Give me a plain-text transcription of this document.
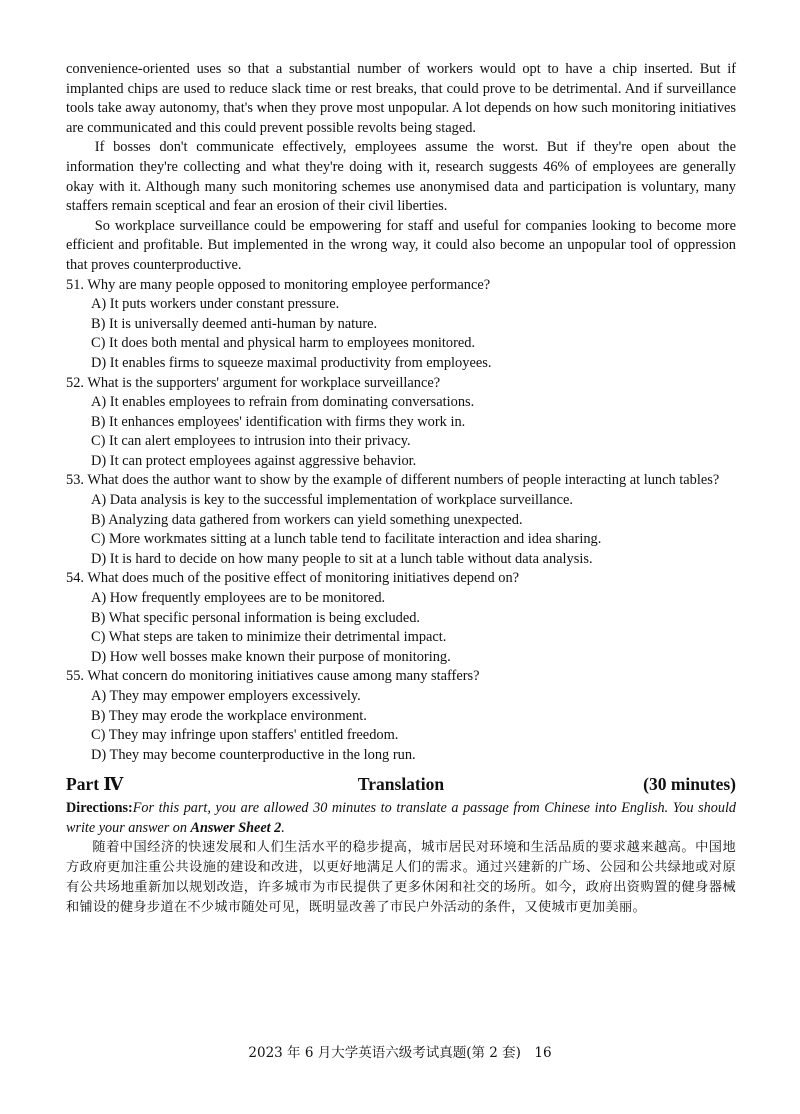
convenience-oriented uses so that a substantial number of workers would opt to have a chip inserted. But if implanted chips are used to reduce slack time or rest breaks, that could prove to be detrimental. And if surveillance tools take away autonomy, that's when they prove most unpopular. A lot depends on how such monitoring initiatives are communicated and this could prevent possible revolts being staged.

If bosses don't communicate effectively, employees assume the worst. But if they're open about the information they're collecting and what they're doing with it, research suggests 46% of employees are generally okay with it. Although many such monitoring schemes use anonymised data and participation is voluntary, many staffers remain sceptical and fear an erosion of their civil liberties.

So workplace surveillance could be empowering for staff and useful for companies looking to become more efficient and profitable. But implemented in the wrong way, it could also become an unpopular tool of oppression that proves counterproductive.

51. Why are many people opposed to monitoring employee performance?

A) It puts workers under constant pressure.

B) It is universally deemed anti-human by nature.

C) It does both mental and physical harm to employees monitored.

D) It enables firms to squeeze maximal productivity from employees.

52. What is the supporters' argument for workplace surveillance?

A) It enables employees to refrain from dominating conversations.

B) It enhances employees' identification with firms they work in.

C) It can alert employees to intrusion into their privacy.

D) It can protect employees against aggressive behavior.

53. What does the author want to show by the example of different numbers of people interacting at lunch tables?

A) Data analysis is key to the successful implementation of workplace surveillance.

B) Analyzing data gathered from workers can yield something unexpected.

C) More workmates sitting at a lunch table tend to facilitate interaction and idea sharing.

D) It is hard to decide on how many people to sit at a lunch table without data analysis.

54. What does much of the positive effect of monitoring initiatives depend on?

A) How frequently employees are to be monitored.

B) What specific personal information is being excluded.

C) What steps are taken to minimize their detrimental impact.

D) How well bosses make known their purpose of monitoring.

55. What concern do monitoring initiatives cause among many staffers?

A) They may empower employers excessively.

B) They may erode the workplace environment.

C) They may infringe upon staffers' entitled freedom.

D) They may become counterproductive in the long run.

Translation
Part Ⅳ	(30 minutes)

Directions:For this part, you are allowed 30 minutes to translate a passage from Chinese into English. You should write your answer on Answer Sheet 2.

随着中国经济的快速发展和人们生活水平的稳步提高，城市居民对环境和生活品质的要求越来越高。中国地方政府更加注重公共设施的建设和改进，以更好地满足人们的需求。通过兴建新的广场、公园和公共绿地或对原有公共场地重新加以规划改造，许多城市为市民提供了更多休闲和社交的场所。如今，政府出资购置的健身器械和铺设的健身步道在不少城市随处可见，既明显改善了市民户外活动的条件，又使城市更加美丽。

2023 年 6 月大学英语六级考试真题(第 2 套)　16
